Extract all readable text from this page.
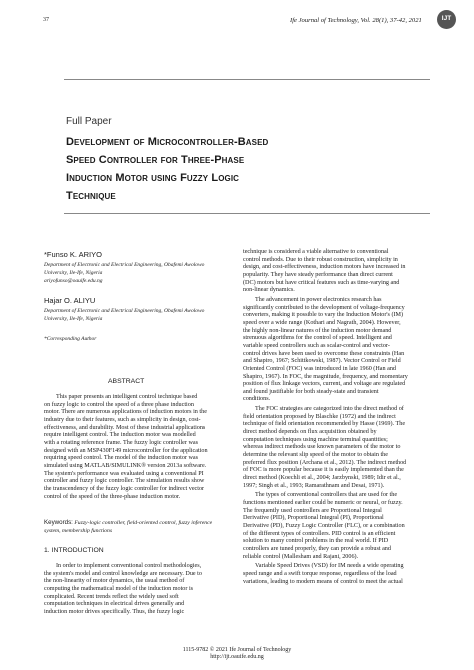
37	Ife Journal of Technology, Vol. 28(1), 37-42, 2021	IJT
Full Paper
Development of Microcontroller-Based
Speed Controller for Three-Phase
Induction Motor using Fuzzy Logic
Technique
*Funso K. ARIYO
Department of Electronic and Electrical Engineering, Obafemi Awolowo
University, Ile-Ife, Nigeria
ariyofunso@oauife.edu.ng
Hajar O. ALIYU
Department of Electronic and Electrical Engineering, Obafemi Awolowo
University, Ile-Ife, Nigeria
*Corresponding Author
ABSTRACT
This paper presents an intelligent control technique based
on fuzzy logic to control the speed of a three phase induction
motor. There are numerous applications of induction motors in the
industry due to their features, such as simplicity in design, cost-
effectiveness, and durability. Most of these industrial applications
require intelligent control. The induction motor was modelled
with a rotating reference frame. The fuzzy logic controller was
designed with an MSP430F149 microcontroller for the application
requiring speed control. The model of the induction motor was
simulated using MATLAB/SIMULINK® version 2013a software.
The system's performance was evaluated using a conventional PI
controller and fuzzy logic controller. The simulation results show
the transcendency of the fuzzy logic controller for indirect vector
control of the speed of the three-phase induction motor.
Keywords: Fuzzy-logic controller, field-oriented control, fuzzy inference
system, membership functions
1. INTRODUCTION
In order to implement conventional control methodologies,
the system's model and control knowledge are necessary. Due to
the non-linearity of motor dynamics, the usual method of
computing the mathematical model of the induction motor is
complicated. Recent trends reflect the widely used soft
computation techniques in electrical drives generally and
induction motor drives specifically. Thus, the fuzzy logic
technique is considered a viable alternative to conventional
control methods. Due to their robust construction, simplicity in
design, and cost-effectiveness, induction motors have increased in
popularity. They have steady performance than direct current
(DC) motors but have critical features such as time-varying and
non-linear dynamics.
The advancement in power electronics research has
significantly contributed to the development of voltage-frequency
converters, making it possible to vary the Induction Motor's (IM)
speed over a wide range (Kothari and Nagrath, 2004). However,
the highly non-linear natures of the induction motor demand
strenuous algorithms for the control of speed. Intelligent and
variable speed controllers such as scalar-control and vector-
control drives have been used to overcome these constraints (Han
and Shapiro, 1967; Schittkowski, 1987). Vector Control or Field
Oriented Control (FOC) was introduced in late 1960 (Han and
Shapiro, 1967). In FOC, the magnitude, frequency, and momentary
position of flux linkage vectors, current, and voltage are regulated
and found justifiable for both steady-state and transient
conditions.
The FOC strategies are categorized into the direct method of
field orientation proposed by Blaschke (1972) and the indirect
technique of field orientation recommended by Hasse (1969). The
direct method depends on flux acquisition obtained by
computation techniques using machine terminal quantities;
whereas indirect methods use known parameters of the motor to
determine the relevant slip speed of the motor to obtain the
preferred flux position (Archana et al., 2012). The indirect method
of FOC is more popular because it is easily implemented than the
direct method (Koechli et al., 2004; Jarzbynski, 1989; Idir et al.,
1997; Singh et al., 1993; Ramarathnam and Desai, 1971).
The types of conventional controllers that are used for the
functions mentioned earlier could be numeric or neural, or fuzzy.
The frequently used controllers are Proportional Integral
Derivative (PID), Proportional Integral (PI), Proportional
Derivative (PD), Fuzzy Logic Controller (FLC), or a combination
of the different types of controllers. PID control is an efficient
solution to many control problems in the real world. If PID
controllers are tuned properly, they can provide a robust and
reliable control (Mallesham and Rajani, 2006).
Variable Speed Drives (VSD) for IM needs a wide operating
speed range and a swift torque response, regardless of the load
variations, leading to modern means of control to meet the actual
1115-9782 © 2021 Ife Journal of Technology
http://ijt.oauife.edu.ng
